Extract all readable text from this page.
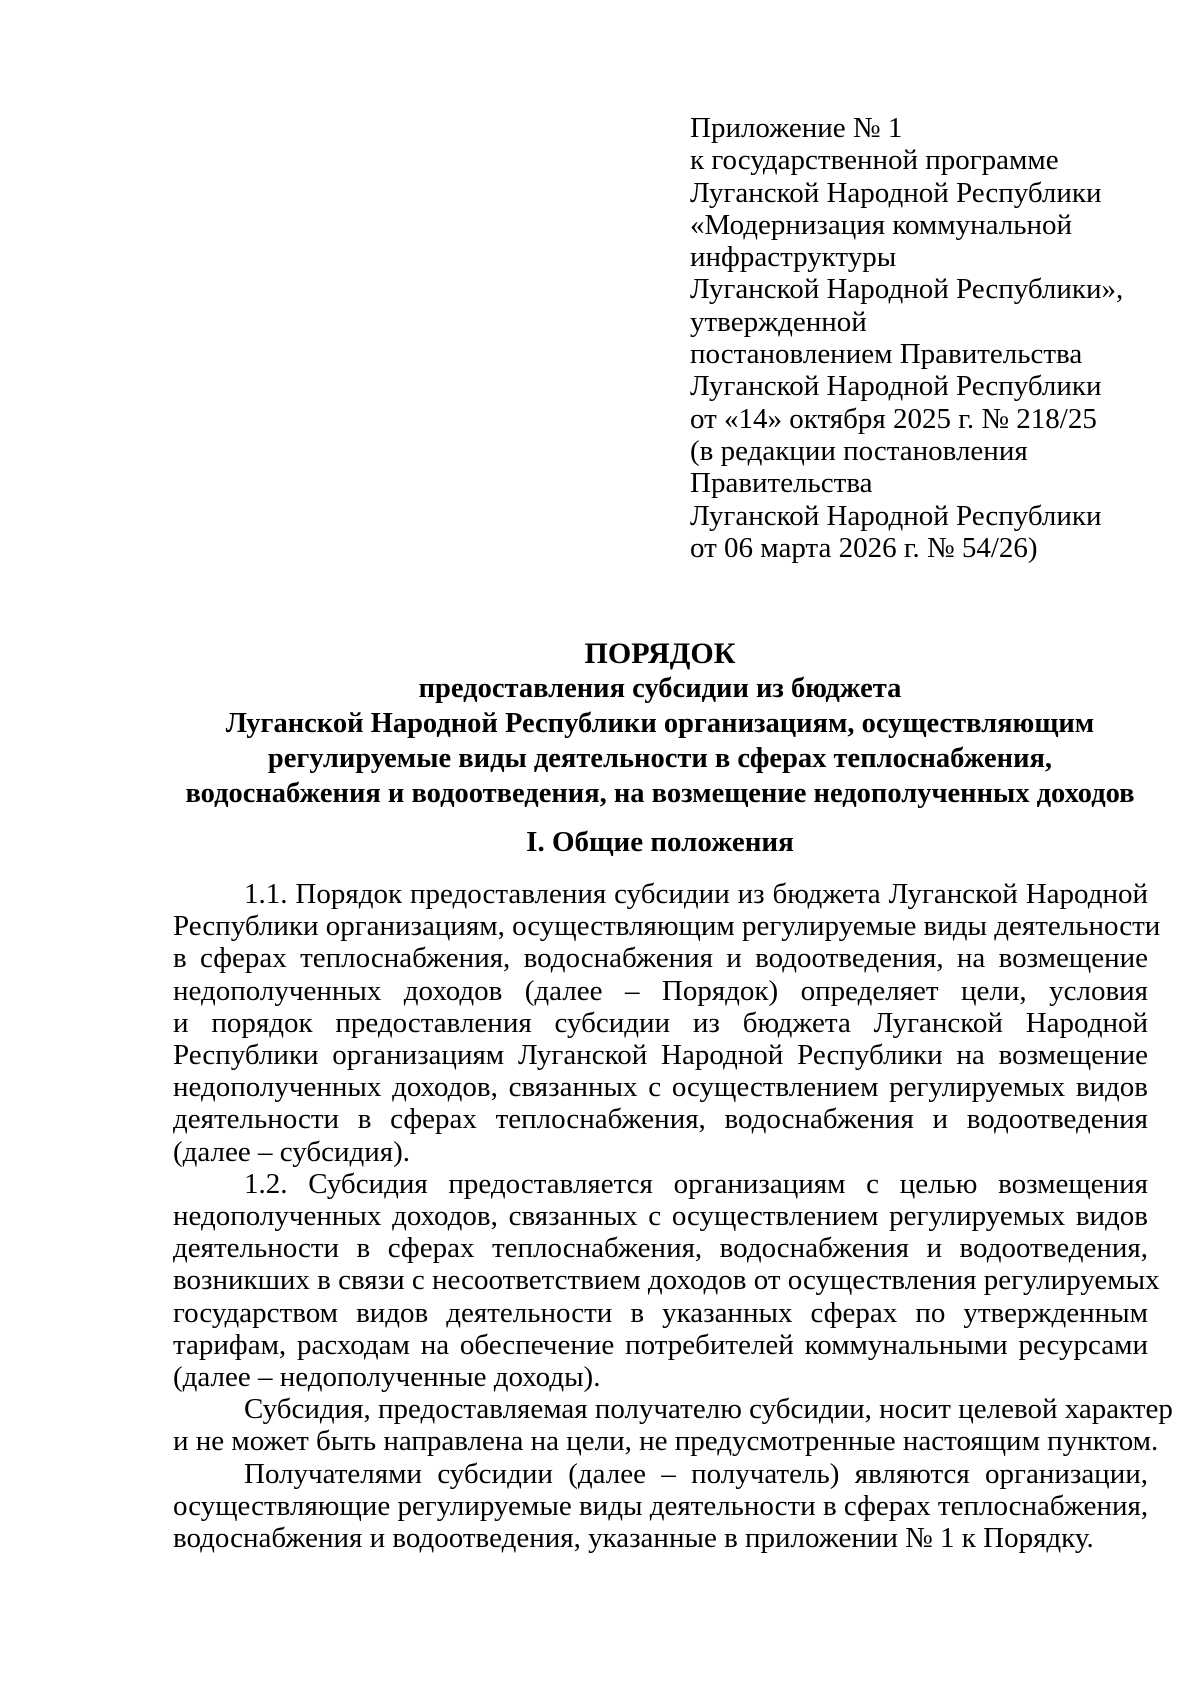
Приложение № 1
к государственной программе
Луганской Народной Республики
«Модернизация коммунальной
инфраструктуры
Луганской Народной Республики»,
утвержденной
постановлением Правительства
Луганской Народной Республики
от «14» октября 2025 г. № 218/25
(в редакции постановления
Правительства
Луганской Народной Республики
от 06 марта 2026 г. № 54/26)
ПОРЯДОК
предоставления субсидии из бюджета
Луганской Народной Республики организациям, осуществляющим
регулируемые виды деятельности в сферах теплоснабжения,
водоснабжения и водоотведения, на возмещение недополученных доходов
I. Общие положения
1.1. Порядок предоставления субсидии из бюджета Луганской Народной
Республики организациям, осуществляющим регулируемые виды деятельности
в сферах теплоснабжения, водоснабжения и водоотведения, на возмещение
недополученных доходов (далее – Порядок) определяет цели, условия
и порядок предоставления субсидии из бюджета Луганской Народной
Республики организациям Луганской Народной Республики на возмещение
недополученных доходов, связанных с осуществлением регулируемых видов
деятельности в сферах теплоснабжения, водоснабжения и водоотведения
(далее – субсидия).
1.2. Субсидия предоставляется организациям с целью возмещения
недополученных доходов, связанных с осуществлением регулируемых видов
деятельности в сферах теплоснабжения, водоснабжения и водоотведения,
возникших в связи с несоответствием доходов от осуществления регулируемых
государством видов деятельности в указанных сферах по утвержденным
тарифам, расходам на обеспечение потребителей коммунальными ресурсами
(далее – недополученные доходы).
Субсидия, предоставляемая получателю субсидии, носит целевой характер
и не может быть направлена на цели, не предусмотренные настоящим пунктом.
Получателями субсидии (далее – получатель) являются организации,
осуществляющие регулируемые виды деятельности в сферах теплоснабжения,
водоснабжения и водоотведения, указанные в приложении № 1 к Порядку.
